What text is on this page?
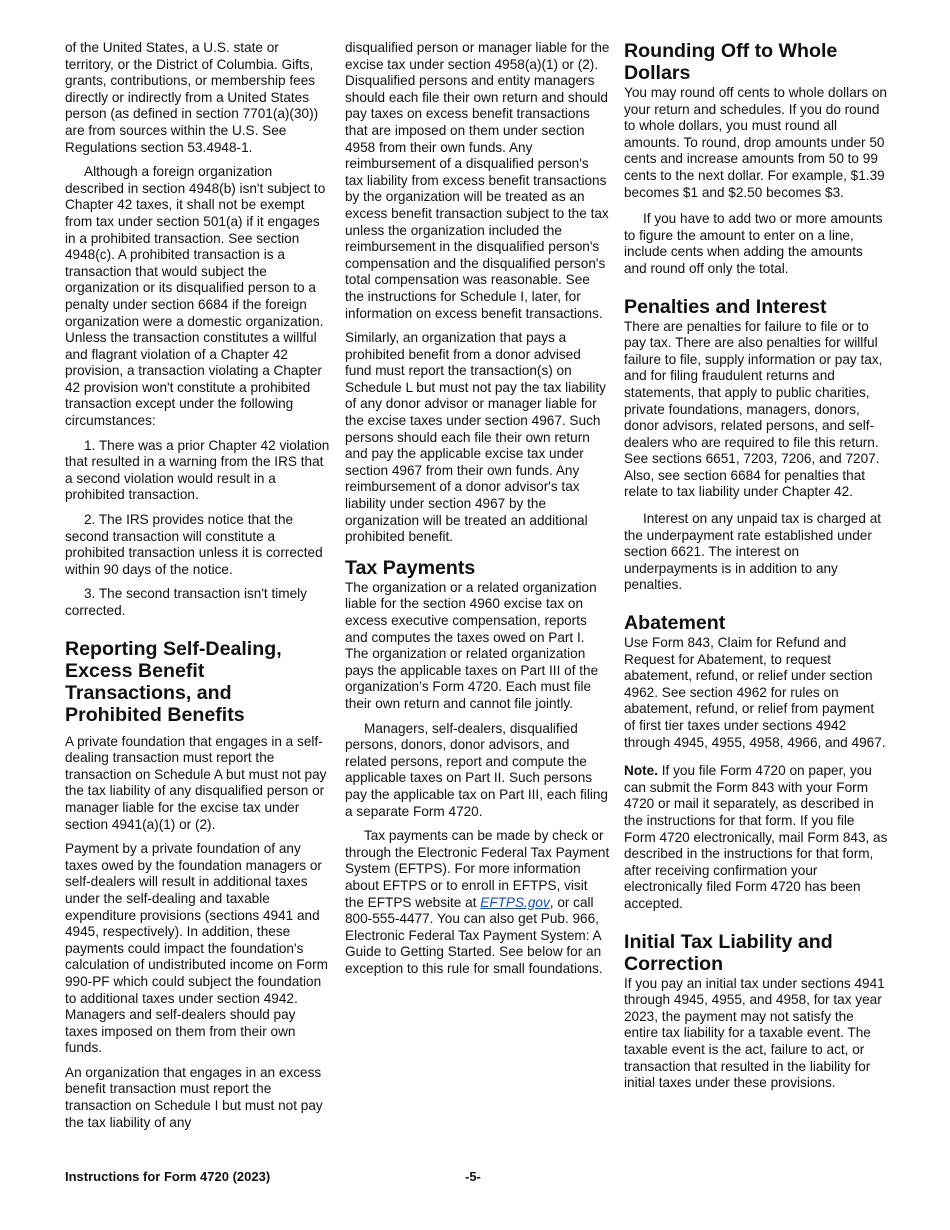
of the United States, a U.S. state or territory, or the District of Columbia. Gifts, grants, contributions, or membership fees directly or indirectly from a United States person (as defined in section 7701(a)(30)) are from sources within the U.S. See Regulations section 53.4948-1.

Although a foreign organization described in section 4948(b) isn't subject to Chapter 42 taxes, it shall not be exempt from tax under section 501(a) if it engages in a prohibited transaction. See section 4948(c). A prohibited transaction is a transaction that would subject the organization or its disqualified person to a penalty under section 6684 if the foreign organization were a domestic organization. Unless the transaction constitutes a willful and flagrant violation of a Chapter 42 provision, a transaction violating a Chapter 42 provision won't constitute a prohibited transaction except under the following circumstances:

1. There was a prior Chapter 42 violation that resulted in a warning from the IRS that a second violation would result in a prohibited transaction.

2. The IRS provides notice that the second transaction will constitute a prohibited transaction unless it is corrected within 90 days of the notice.

3. The second transaction isn't timely corrected.

Reporting Self-Dealing, Excess Benefit Transactions, and Prohibited Benefits

A private foundation that engages in a self-dealing transaction must report the transaction on Schedule A but must not pay the tax liability of any disqualified person or manager liable for the excise tax under section 4941(a)(1) or (2).

Payment by a private foundation of any taxes owed by the foundation managers or self-dealers will result in additional taxes under the self-dealing and taxable expenditure provisions (sections 4941 and 4945, respectively). In addition, these payments could impact the foundation's calculation of undistributed income on Form 990-PF which could subject the foundation to additional taxes under section 4942. Managers and self-dealers should pay taxes imposed on them from their own funds.

An organization that engages in an excess benefit transaction must report the transaction on Schedule I but must not pay the tax liability of any

disqualified person or manager liable for the excise tax under section 4958(a)(1) or (2). Disqualified persons and entity managers should each file their own return and should pay taxes on excess benefit transactions that are imposed on them under section 4958 from their own funds. Any reimbursement of a disqualified person's tax liability from excess benefit transactions by the organization will be treated as an excess benefit transaction subject to the tax unless the organization included the reimbursement in the disqualified person's compensation and the disqualified person's total compensation was reasonable. See the instructions for Schedule I, later, for information on excess benefit transactions.

Similarly, an organization that pays a prohibited benefit from a donor advised fund must report the transaction(s) on Schedule L but must not pay the tax liability of any donor advisor or manager liable for the excise taxes under section 4967. Such persons should each file their own return and pay the applicable excise tax under section 4967 from their own funds. Any reimbursement of a donor advisor's tax liability under section 4967 by the organization will be treated an additional prohibited benefit.

Tax Payments

The organization or a related organization liable for the section 4960 excise tax on excess executive compensation, reports and computes the taxes owed on Part I. The organization or related organization pays the applicable taxes on Part III of the organization’s Form 4720. Each must file their own return and cannot file jointly.

Managers, self-dealers, disqualified persons, donors, donor advisors, and related persons, report and compute the applicable taxes on Part II. Such persons pay the applicable tax on Part III, each filing a separate Form 4720.

Tax payments can be made by check or through the Electronic Federal Tax Payment System (EFTPS). For more information about EFTPS or to enroll in EFTPS, visit the EFTPS website at EFTPS.gov, or call 800-555-4477. You can also get Pub. 966, Electronic Federal Tax Payment System: A Guide to Getting Started. See below for an exception to this rule for small foundations.

Rounding Off to Whole Dollars

You may round off cents to whole dollars on your return and schedules. If you do round to whole dollars, you must round all amounts. To round, drop amounts under 50 cents and increase amounts from 50 to 99 cents to the next dollar. For example, $1.39 becomes $1 and $2.50 becomes $3.

If you have to add two or more amounts to figure the amount to enter on a line, include cents when adding the amounts and round off only the total.

Penalties and Interest

There are penalties for failure to file or to pay tax. There are also penalties for willful failure to file, supply information or pay tax, and for filing fraudulent returns and statements, that apply to public charities, private foundations, managers, donors, donor advisors, related persons, and self-dealers who are required to file this return. See sections 6651, 7203, 7206, and 7207. Also, see section 6684 for penalties that relate to tax liability under Chapter 42.

Interest on any unpaid tax is charged at the underpayment rate established under section 6621. The interest on underpayments is in addition to any penalties.

Abatement

Use Form 843, Claim for Refund and Request for Abatement, to request abatement, refund, or relief under section 4962. See section 4962 for rules on abatement, refund, or relief from payment of first tier taxes under sections 4942 through 4945, 4955, 4958, 4966, and 4967.

Note. If you file Form 4720 on paper, you can submit the Form 843 with your Form 4720 or mail it separately, as described in the instructions for that form. If you file Form 4720 electronically, mail Form 843, as described in the instructions for that form, after receiving confirmation your electronically filed Form 4720 has been accepted.

Initial Tax Liability and Correction

If you pay an initial tax under sections 4941 through 4945, 4955, and 4958, for tax year 2023, the payment may not satisfy the entire tax liability for a taxable event. The taxable event is the act, failure to act, or transaction that resulted in the liability for initial taxes under these provisions.

Instructions for Form 4720 (2023)	-5-
